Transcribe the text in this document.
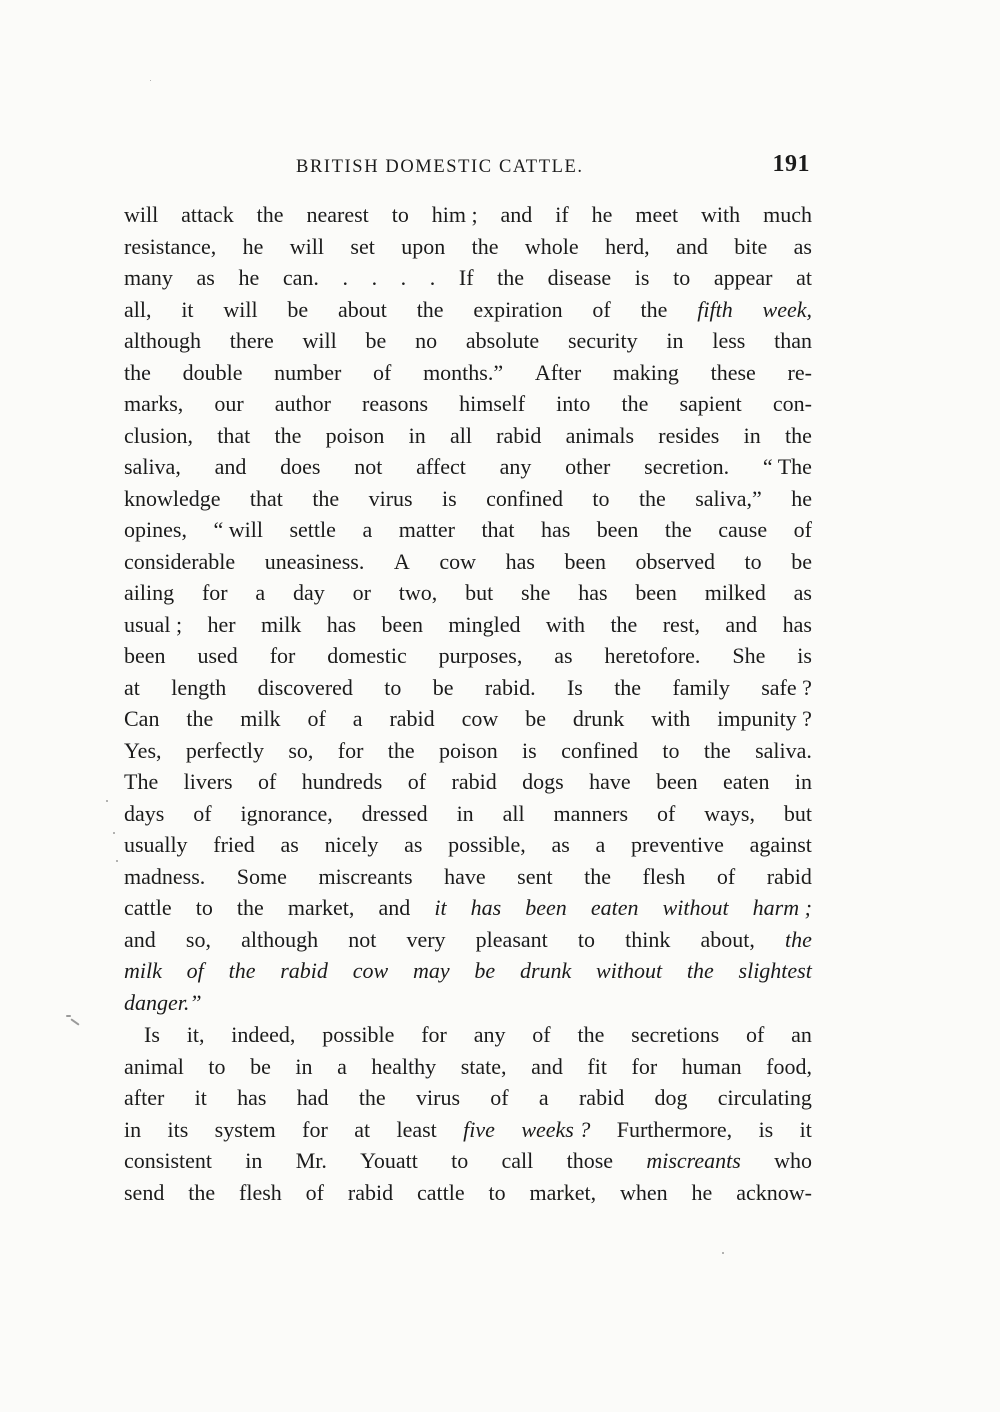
BRITISH DOMESTIC CATTLE.	191
will attack the nearest to him ; and if he meet with much
resistance, he will set upon the whole herd, and bite as
many as he can. . . . . If the disease is to appear at
all, it will be about the expiration of the fifth week,
although there will be no absolute security in less than
the double number of months.” After making these re-
marks, our author reasons himself into the sapient con-
clusion, that the poison in all rabid animals resides in the
saliva, and does not affect any other secretion. “ The
knowledge that the virus is confined to the saliva,” he
opines, “ will settle a matter that has been the cause of
considerable uneasiness. A cow has been observed to be
ailing for a day or two, but she has been milked as
usual ; her milk has been mingled with the rest, and has
been used for domestic purposes, as heretofore. She is
at length discovered to be rabid. Is the family safe ?
Can the milk of a rabid cow be drunk with impunity ?
Yes, perfectly so, for the poison is confined to the saliva.
The livers of hundreds of rabid dogs have been eaten in
days of ignorance, dressed in all manners of ways, but
usually fried as nicely as possible, as a preventive against
madness. Some miscreants have sent the flesh of rabid
cattle to the market, and it has been eaten without harm ;
and so, although not very pleasant to think about, the
milk of the rabid cow may be drunk without the slightest
danger.”
Is it, indeed, possible for any of the secretions of an
animal to be in a healthy state, and fit for human food,
after it has had the virus of a rabid dog circulating
in its system for at least five weeks ? Furthermore, is it
consistent in Mr. Youatt to call those miscreants who
send the flesh of rabid cattle to market, when he acknow-
